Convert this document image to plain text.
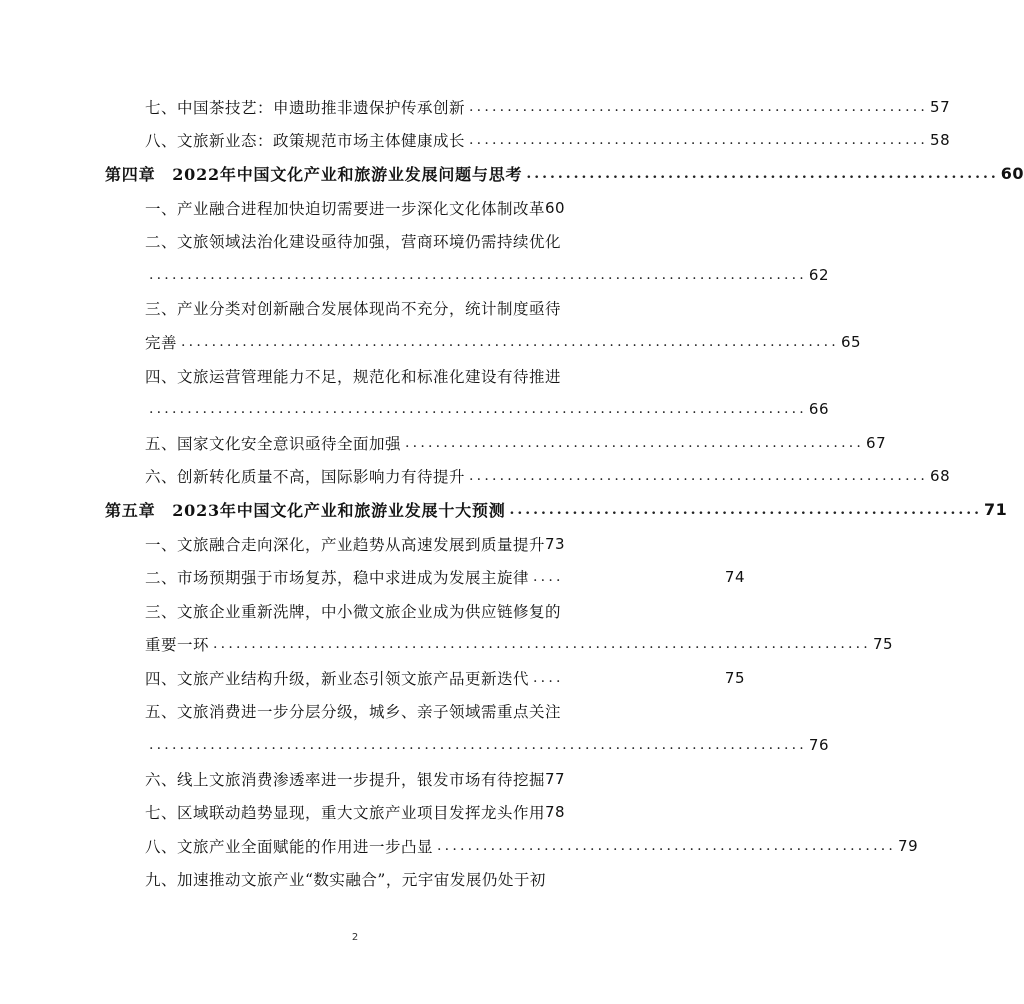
七、中国茶技艺：申遗助推非遗保护传承创新 ............................................................ 57
八、文旅新业态：政策规范市场主体健康成长 ............................................................ 58
第四章　2022年中国文化产业和旅游业发展问题与思考 ............................................................ 60
一、产业融合进程加快迫切需要进一步深化文化体制改革 60
二、文旅领域法治化建设亟待加强，营商环境仍需持续优化
...................................................................................... 62
三、产业分类对创新融合发展体现尚不充分，统计制度亟待
完善 ...................................................................................... 65
四、文旅运营管理能力不足，规范化和标准化建设有待推进
...................................................................................... 66
五、国家文化安全意识亟待全面加强 ............................................................ 67
六、创新转化质量不高，国际影响力有待提升 ............................................................ 68
第五章　2023年中国文化产业和旅游业发展十大预测 ............................................................ 71
一、文旅融合走向深化，产业趋势从高速发展到质量提升 73
二、市场预期强于市场复苏，稳中求进成为发展主旋律 ....	74
三、文旅企业重新洗牌，中小微文旅企业成为供应链修复的
重要一环 ...................................................................................... 75
四、文旅产业结构升级，新业态引领文旅产品更新迭代 ....	75
五、文旅消费进一步分层分级，城乡、亲子领域需重点关注
...................................................................................... 76
六、线上文旅消费渗透率进一步提升，银发市场有待挖掘 77
七、区域联动趋势显现，重大文旅产业项目发挥龙头作用 78
八、文旅产业全面赋能的作用进一步凸显 ............................................................ 79
九、加速推动文旅产业“数实融合”，元宇宙发展仍处于初
2
